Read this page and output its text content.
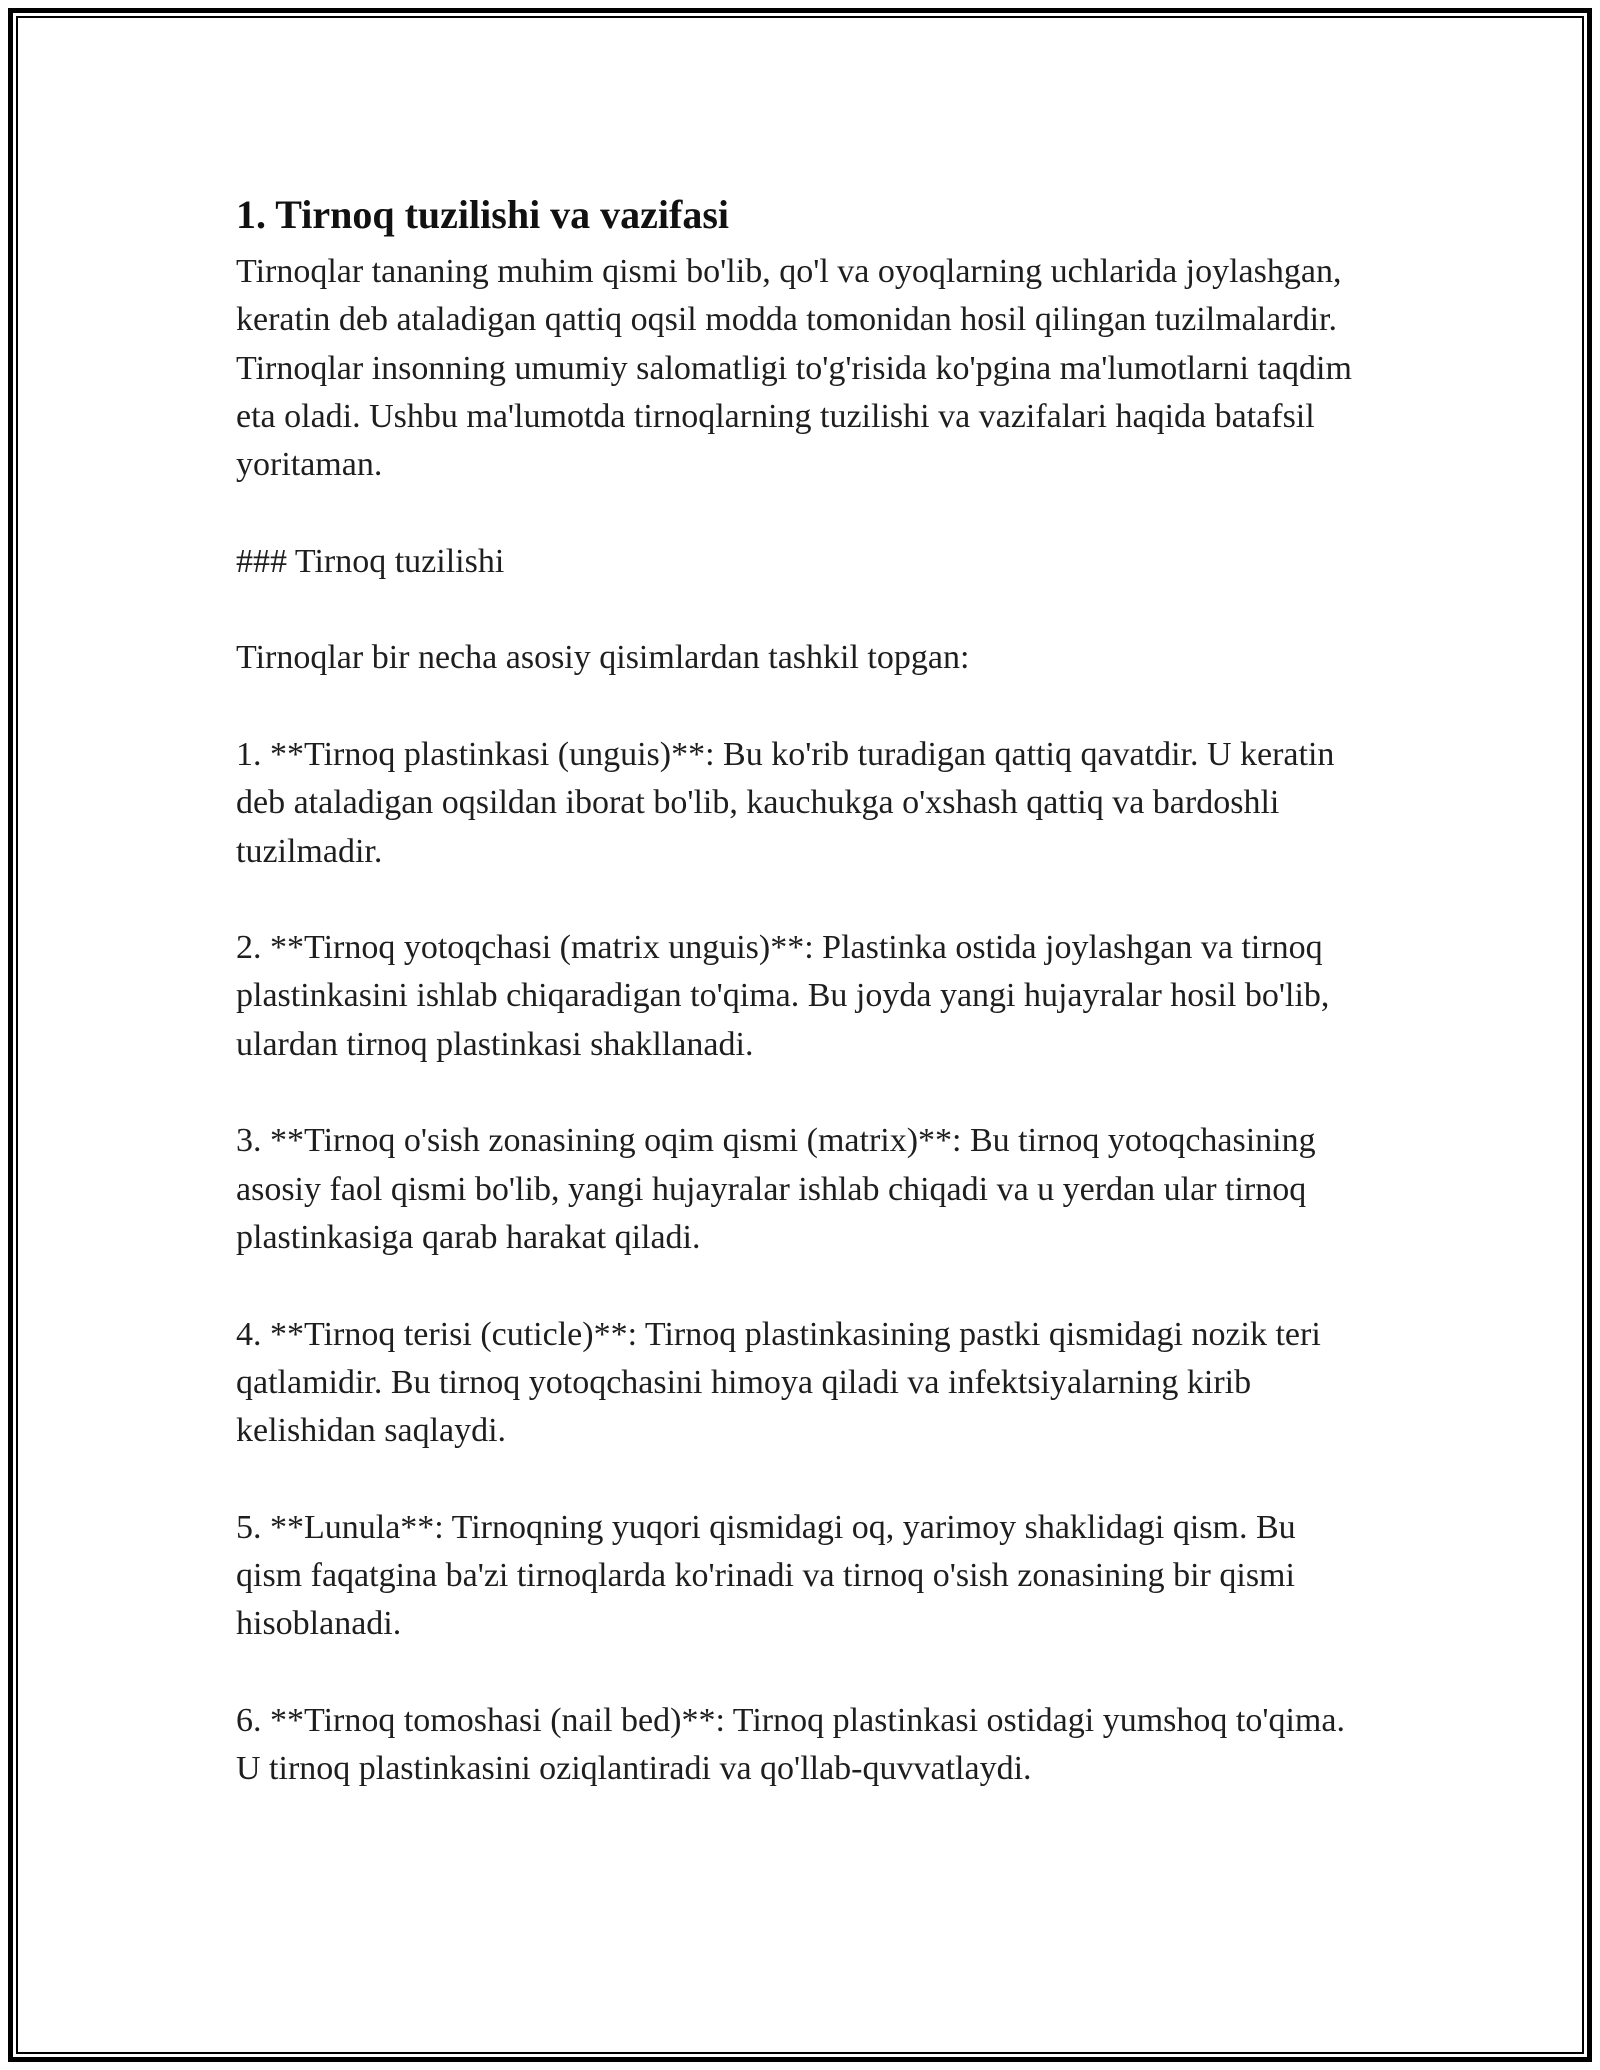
1. Tirnoq tuzilishi va vazifasi

Tirnoqlar tananing muhim qismi bo'lib, qo'l va oyoqlarning uchlarida joylashgan, keratin deb ataladigan qattiq oqsil modda tomonidan hosil qilingan tuzilmalardir. Tirnoqlar insonning umumiy salomatligi to'g'risida ko'pgina ma'lumotlarni taqdim eta oladi. Ushbu ma'lumotda tirnoqlarning tuzilishi va vazifalari haqida batafsil yoritaman.

### Tirnoq tuzilishi

Tirnoqlar bir necha asosiy qisimlardan tashkil topgan:

1. **Tirnoq plastinkasi (unguis)**: Bu ko'rib turadigan qattiq qavatdir. U keratin deb ataladigan oqsildan iborat bo'lib, kauchukga o'xshash qattiq va bardoshli tuzilmadir.

2. **Tirnoq yotoqchasi (matrix unguis)**: Plastinka ostida joylashgan va tirnoq plastinkasini ishlab chiqaradigan to'qima. Bu joyda yangi hujayralar hosil bo'lib, ulardan tirnoq plastinkasi shakllanadi.

3. **Tirnoq o'sish zonasining oqim qismi (matrix)**: Bu tirnoq yotoqchasining asosiy faol qismi bo'lib, yangi hujayralar ishlab chiqadi va u yerdan ular tirnoq plastinkasiga qarab harakat qiladi.

4. **Tirnoq terisi (cuticle)**: Tirnoq plastinkasining pastki qismidagi nozik teri qatlamidir. Bu tirnoq yotoqchasini himoya qiladi va infektsiyalarning kirib kelishidan saqlaydi.

5. **Lunula**: Tirnoqning yuqori qismidagi oq, yarimoy shaklidagi qism. Bu qism faqatgina ba'zi tirnoqlarda ko'rinadi va tirnoq o'sish zonasining bir qismi hisoblanadi.

6. **Tirnoq tomoshasi (nail bed)**: Tirnoq plastinkasi ostidagi yumshoq to'qima. U tirnoq plastinkasini oziqlantiradi va qo'llab-quvvatlaydi.
